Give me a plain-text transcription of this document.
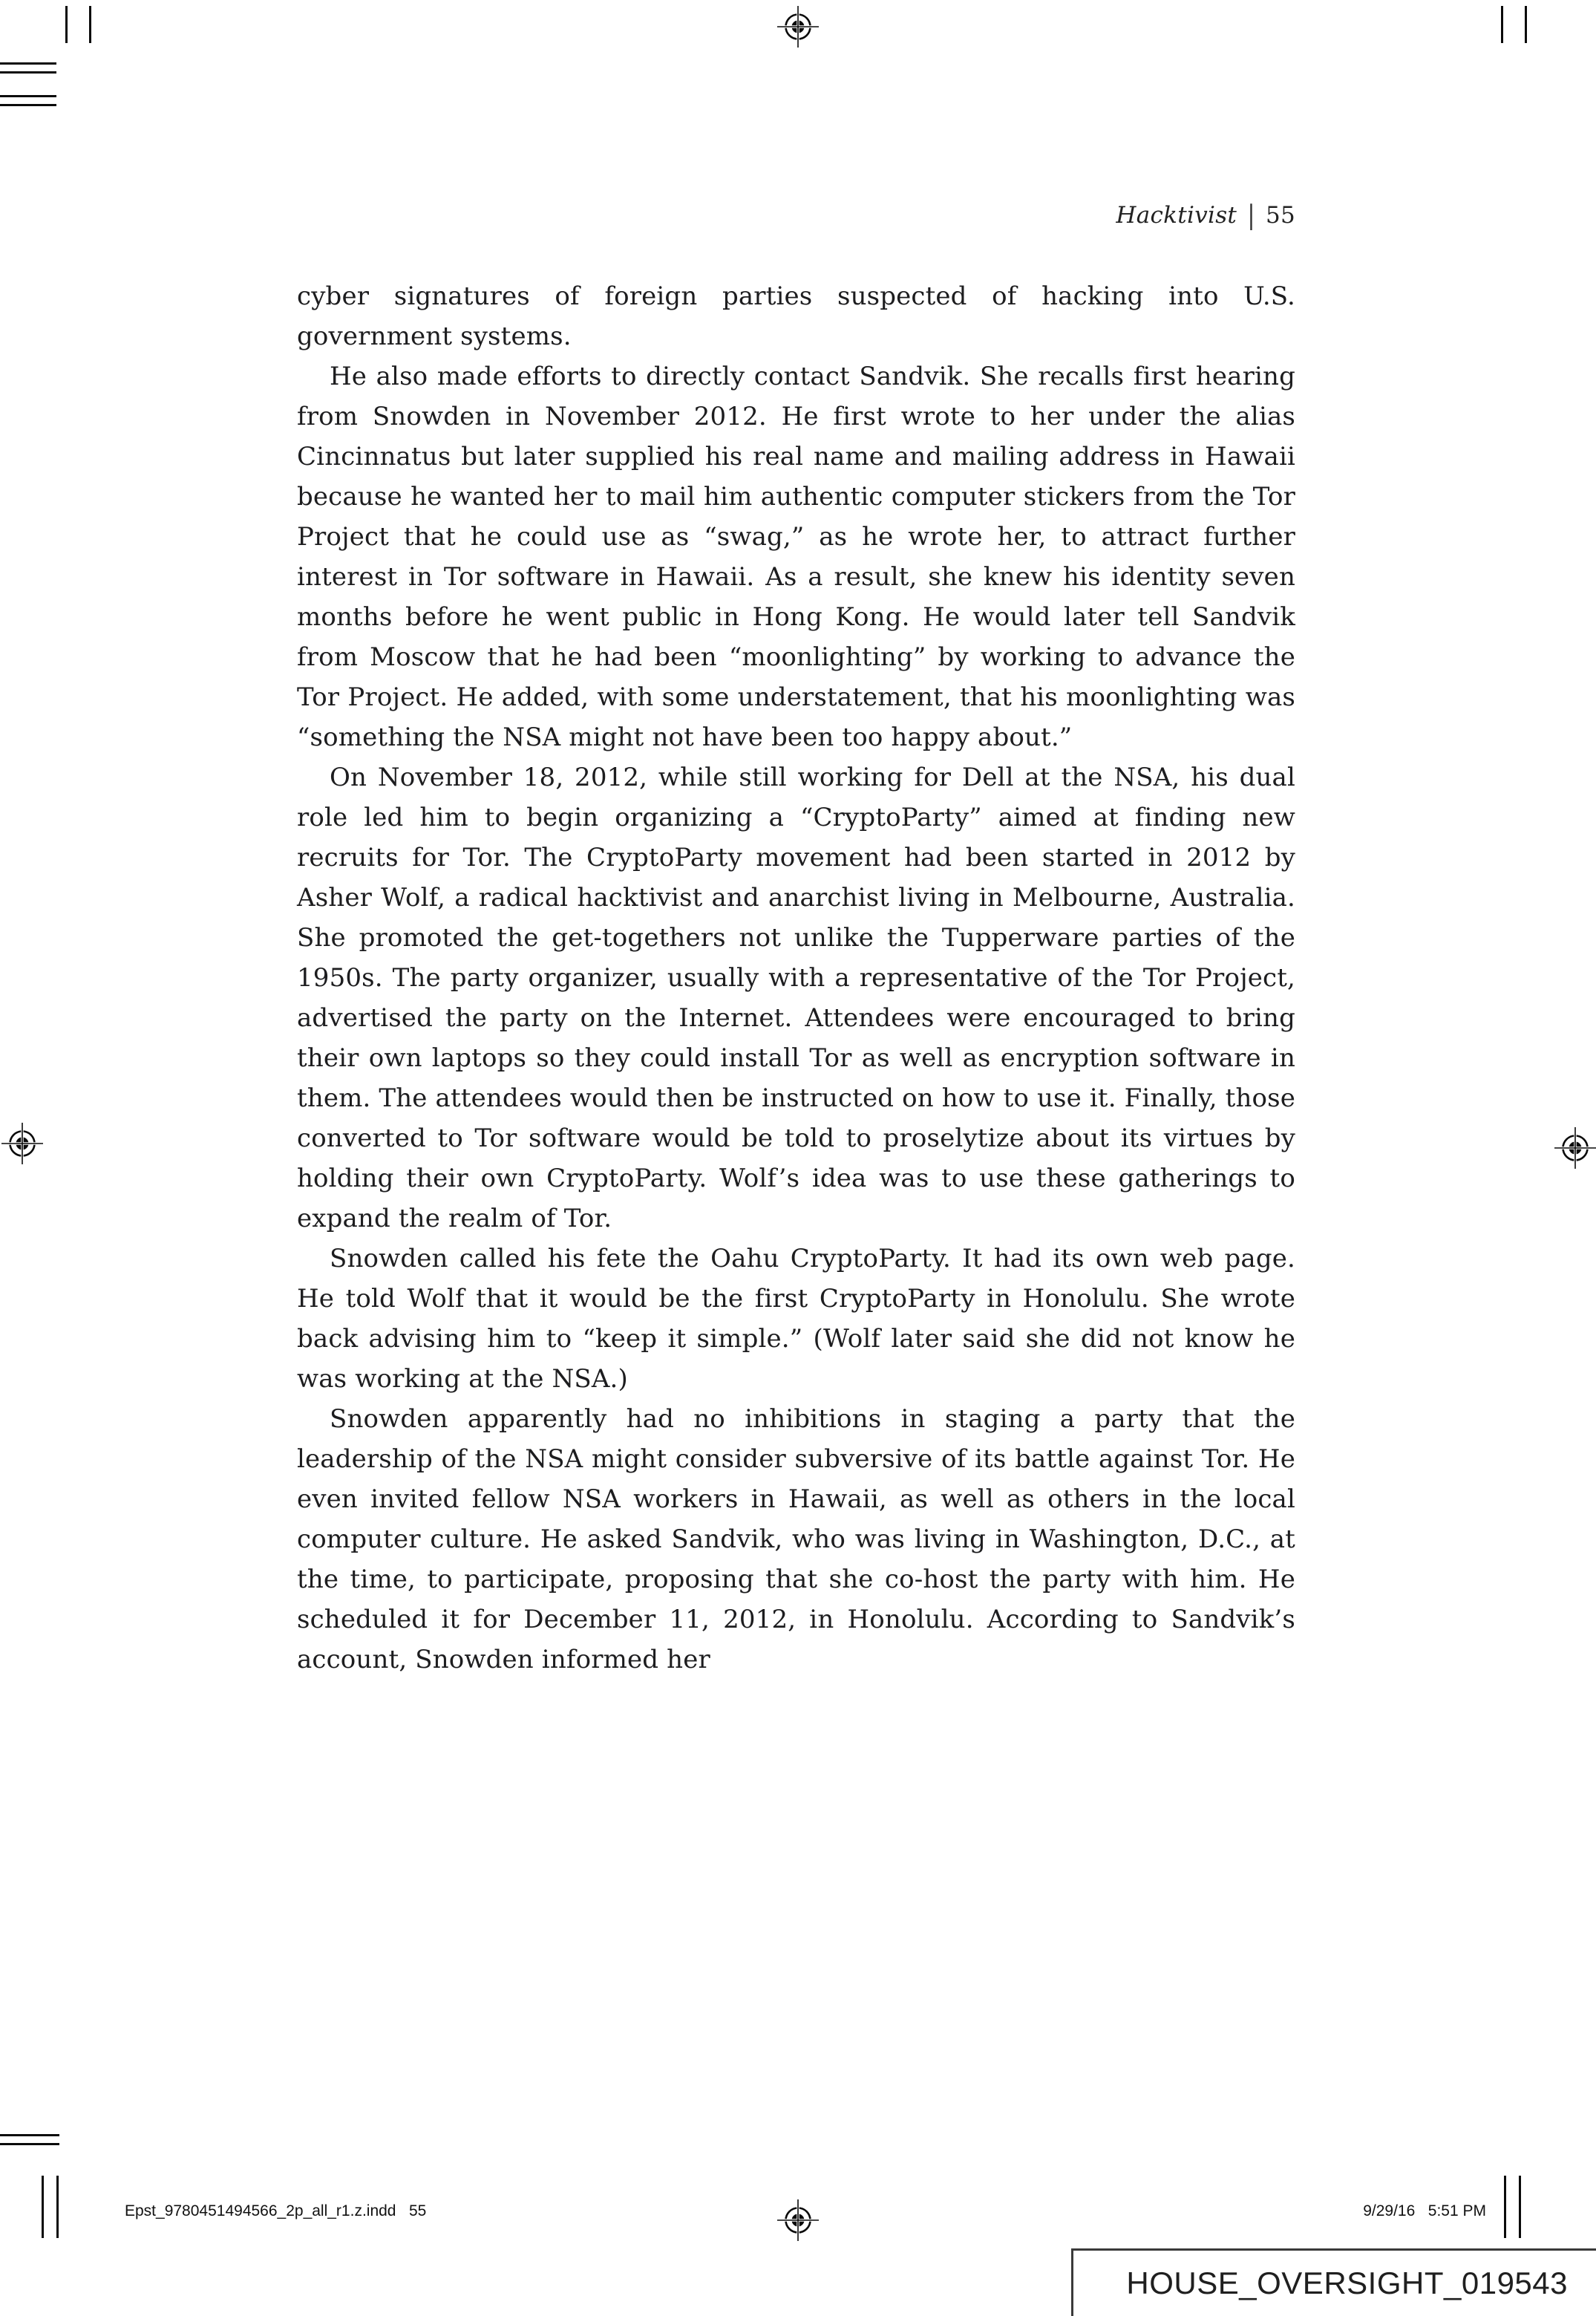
Hacktivist | 55

cyber signatures of foreign parties suspected of hacking into U.S. government systems.

He also made efforts to directly contact Sandvik. She recalls first hearing from Snowden in November 2012. He first wrote to her under the alias Cincinnatus but later supplied his real name and mailing address in Hawaii because he wanted her to mail him authentic computer stickers from the Tor Project that he could use as “swag,” as he wrote her, to attract further interest in Tor software in Hawaii. As a result, she knew his identity seven months before he went public in Hong Kong. He would later tell Sandvik from Moscow that he had been “moonlighting” by working to advance the Tor Project. He added, with some understatement, that his moonlighting was “something the NSA might not have been too happy about.”

On November 18, 2012, while still working for Dell at the NSA, his dual role led him to begin organizing a “CryptoParty” aimed at finding new recruits for Tor. The CryptoParty movement had been started in 2012 by Asher Wolf, a radical hacktivist and anarchist living in Melbourne, Australia. She promoted the get-togethers not unlike the Tupperware parties of the 1950s. The party organizer, usually with a representative of the Tor Project, advertised the party on the Internet. Attendees were encouraged to bring their own laptops so they could install Tor as well as encryption software in them. The attendees would then be instructed on how to use it. Finally, those converted to Tor software would be told to proselytize about its virtues by holding their own CryptoParty. Wolf’s idea was to use these gatherings to expand the realm of Tor.

Snowden called his fete the Oahu CryptoParty. It had its own web page. He told Wolf that it would be the first CryptoParty in Honolulu. She wrote back advising him to “keep it simple.” (Wolf later said she did not know he was working at the NSA.)

Snowden apparently had no inhibitions in staging a party that the leadership of the NSA might consider subversive of its battle against Tor. He even invited fellow NSA workers in Hawaii, as well as others in the local computer culture. He asked Sandvik, who was living in Washington, D.C., at the time, to participate, proposing that she co-host the party with him. He scheduled it for December 11, 2012, in Honolulu. According to Sandvik’s account, Snowden informed her

Epst_9780451494566_2p_all_r1.z.indd   55	9/29/16   5:51 PM
HOUSE_OVERSIGHT_019543
